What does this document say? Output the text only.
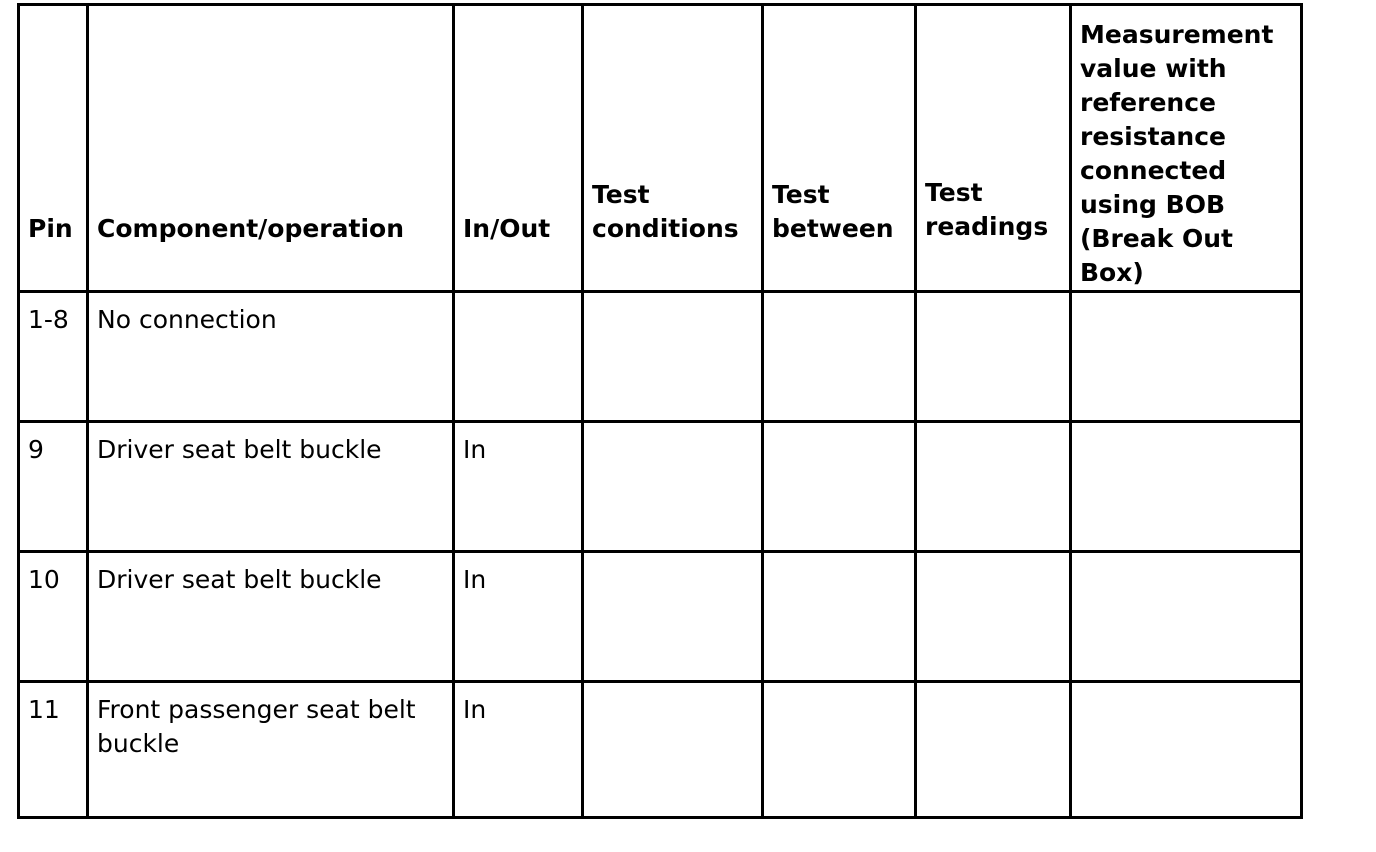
Pin	Component/operation	In/Out	Test conditions	Test between	Test readings	Measurement value with reference resistance connected using BOB (Break Out Box)
1-8	No connection					
9	Driver seat belt buckle	In				
10	Driver seat belt buckle	In				
11	Front passenger seat belt buckle	In				
